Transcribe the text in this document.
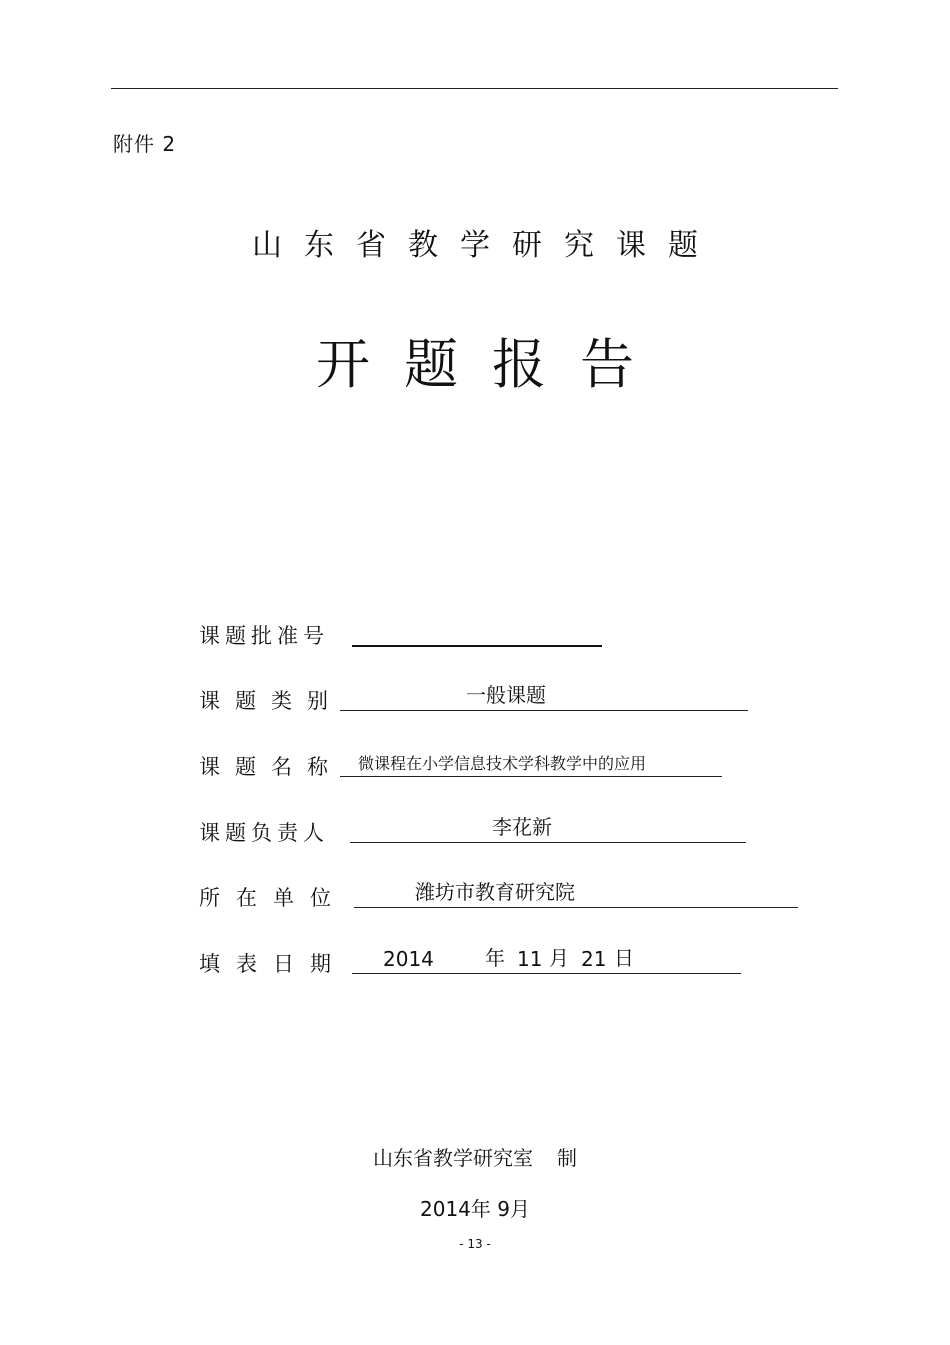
附件 2
山东省教学研究课题
开题报告
课题批准号
课题类别	一般课题
课题名称 微课程在小学信息技术学科教学中的应用
课题负责人	李花新
所在单位	潍坊市教育研究院
填表日期 2014	年 11 月 21 日
山东省教学研究室 制
2014年 9月
- 13 -
